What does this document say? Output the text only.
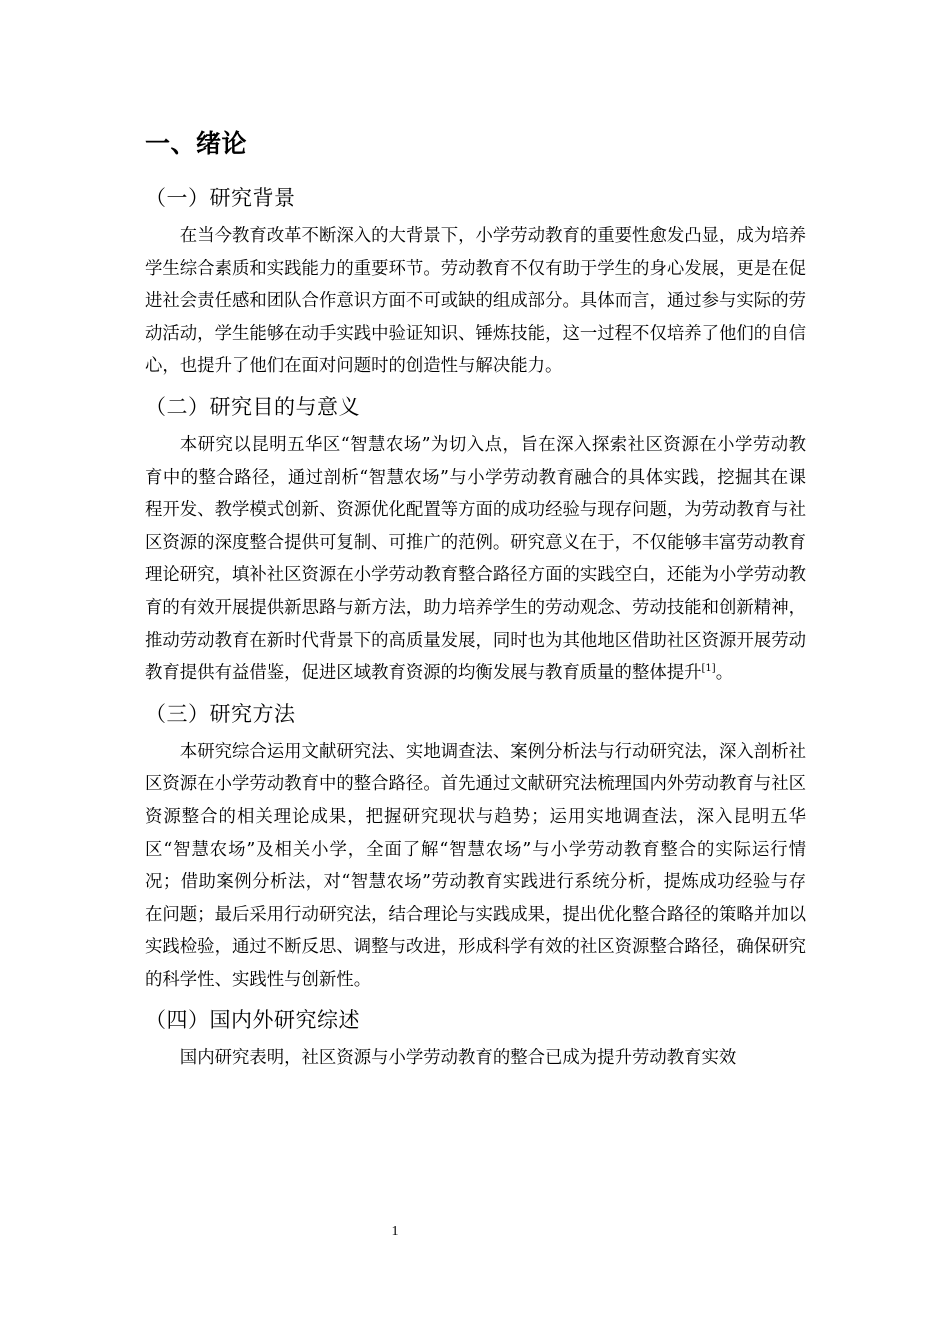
一、绪论
（一）研究背景

在当今教育改革不断深入的大背景下，小学劳动教育的重要性愈发凸显，成为培养学生综合素质和实践能力的重要环节。劳动教育不仅有助于学生的身心发展，更是在促进社会责任感和团队合作意识方面不可或缺的组成部分。具体而言，通过参与实际的劳动活动，学生能够在动手实践中验证知识、锤炼技能，这一过程不仅培养了他们的自信心，也提升了他们在面对问题时的创造性与解决能力。

（二）研究目的与意义

本研究以昆明五华区“智慧农场”为切入点，旨在深入探索社区资源在小学劳动教育中的整合路径，通过剖析“智慧农场”与小学劳动教育融合的具体实践，挖掘其在课程开发、教学模式创新、资源优化配置等方面的成功经验与现存问题，为劳动教育与社区资源的深度整合提供可复制、可推广的范例。研究意义在于，不仅能够丰富劳动教育理论研究，填补社区资源在小学劳动教育整合路径方面的实践空白，还能为小学劳动教育的有效开展提供新思路与新方法，助力培养学生的劳动观念、劳动技能和创新精神，推动劳动教育在新时代背景下的高质量发展，同时也为其他地区借助社区资源开展劳动教育提供有益借鉴，促进区域教育资源的均衡发展与教育质量的整体提升[1]。

（三）研究方法

本研究综合运用文献研究法、实地调查法、案例分析法与行动研究法，深入剖析社区资源在小学劳动教育中的整合路径。首先通过文献研究法梳理国内外劳动教育与社区资源整合的相关理论成果，把握研究现状与趋势；运用实地调查法，深入昆明五华区“智慧农场”及相关小学，全面了解“智慧农场”与小学劳动教育整合的实际运行情况；借助案例分析法，对“智慧农场”劳动教育实践进行系统分析，提炼成功经验与存在问题；最后采用行动研究法，结合理论与实践成果，提出优化整合路径的策略并加以实践检验，通过不断反思、调整与改进，形成科学有效的社区资源整合路径，确保研究的科学性、实践性与创新性。

（四）国内外研究综述

国内研究表明，社区资源与小学劳动教育的整合已成为提升劳动教育实效

1
